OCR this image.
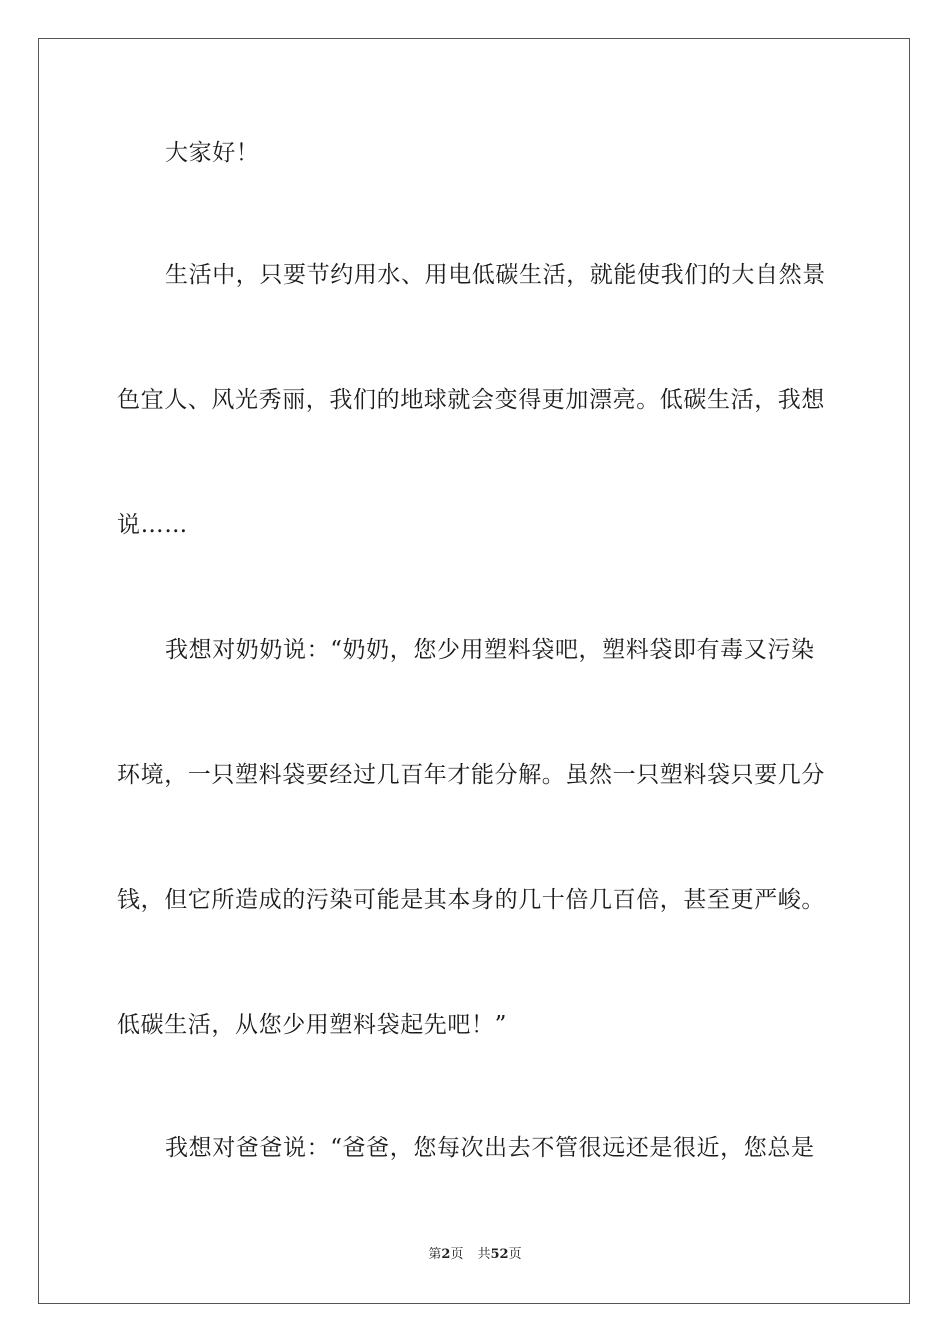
大家好！
生活中，只要节约用水、用电低碳生活，就能使我们的大自然景
色宜人、风光秀丽，我们的地球就会变得更加漂亮。低碳生活，我想
说……
我想对奶奶说：“奶奶，您少用塑料袋吧，塑料袋即有毒又污染
环境，一只塑料袋要经过几百年才能分解。虽然一只塑料袋只要几分
钱，但它所造成的污染可能是其本身的几十倍几百倍，甚至更严峻。
低碳生活，从您少用塑料袋起先吧！”
我想对爸爸说：“爸爸，您每次出去不管很远还是很近，您总是
第2页 共52页
